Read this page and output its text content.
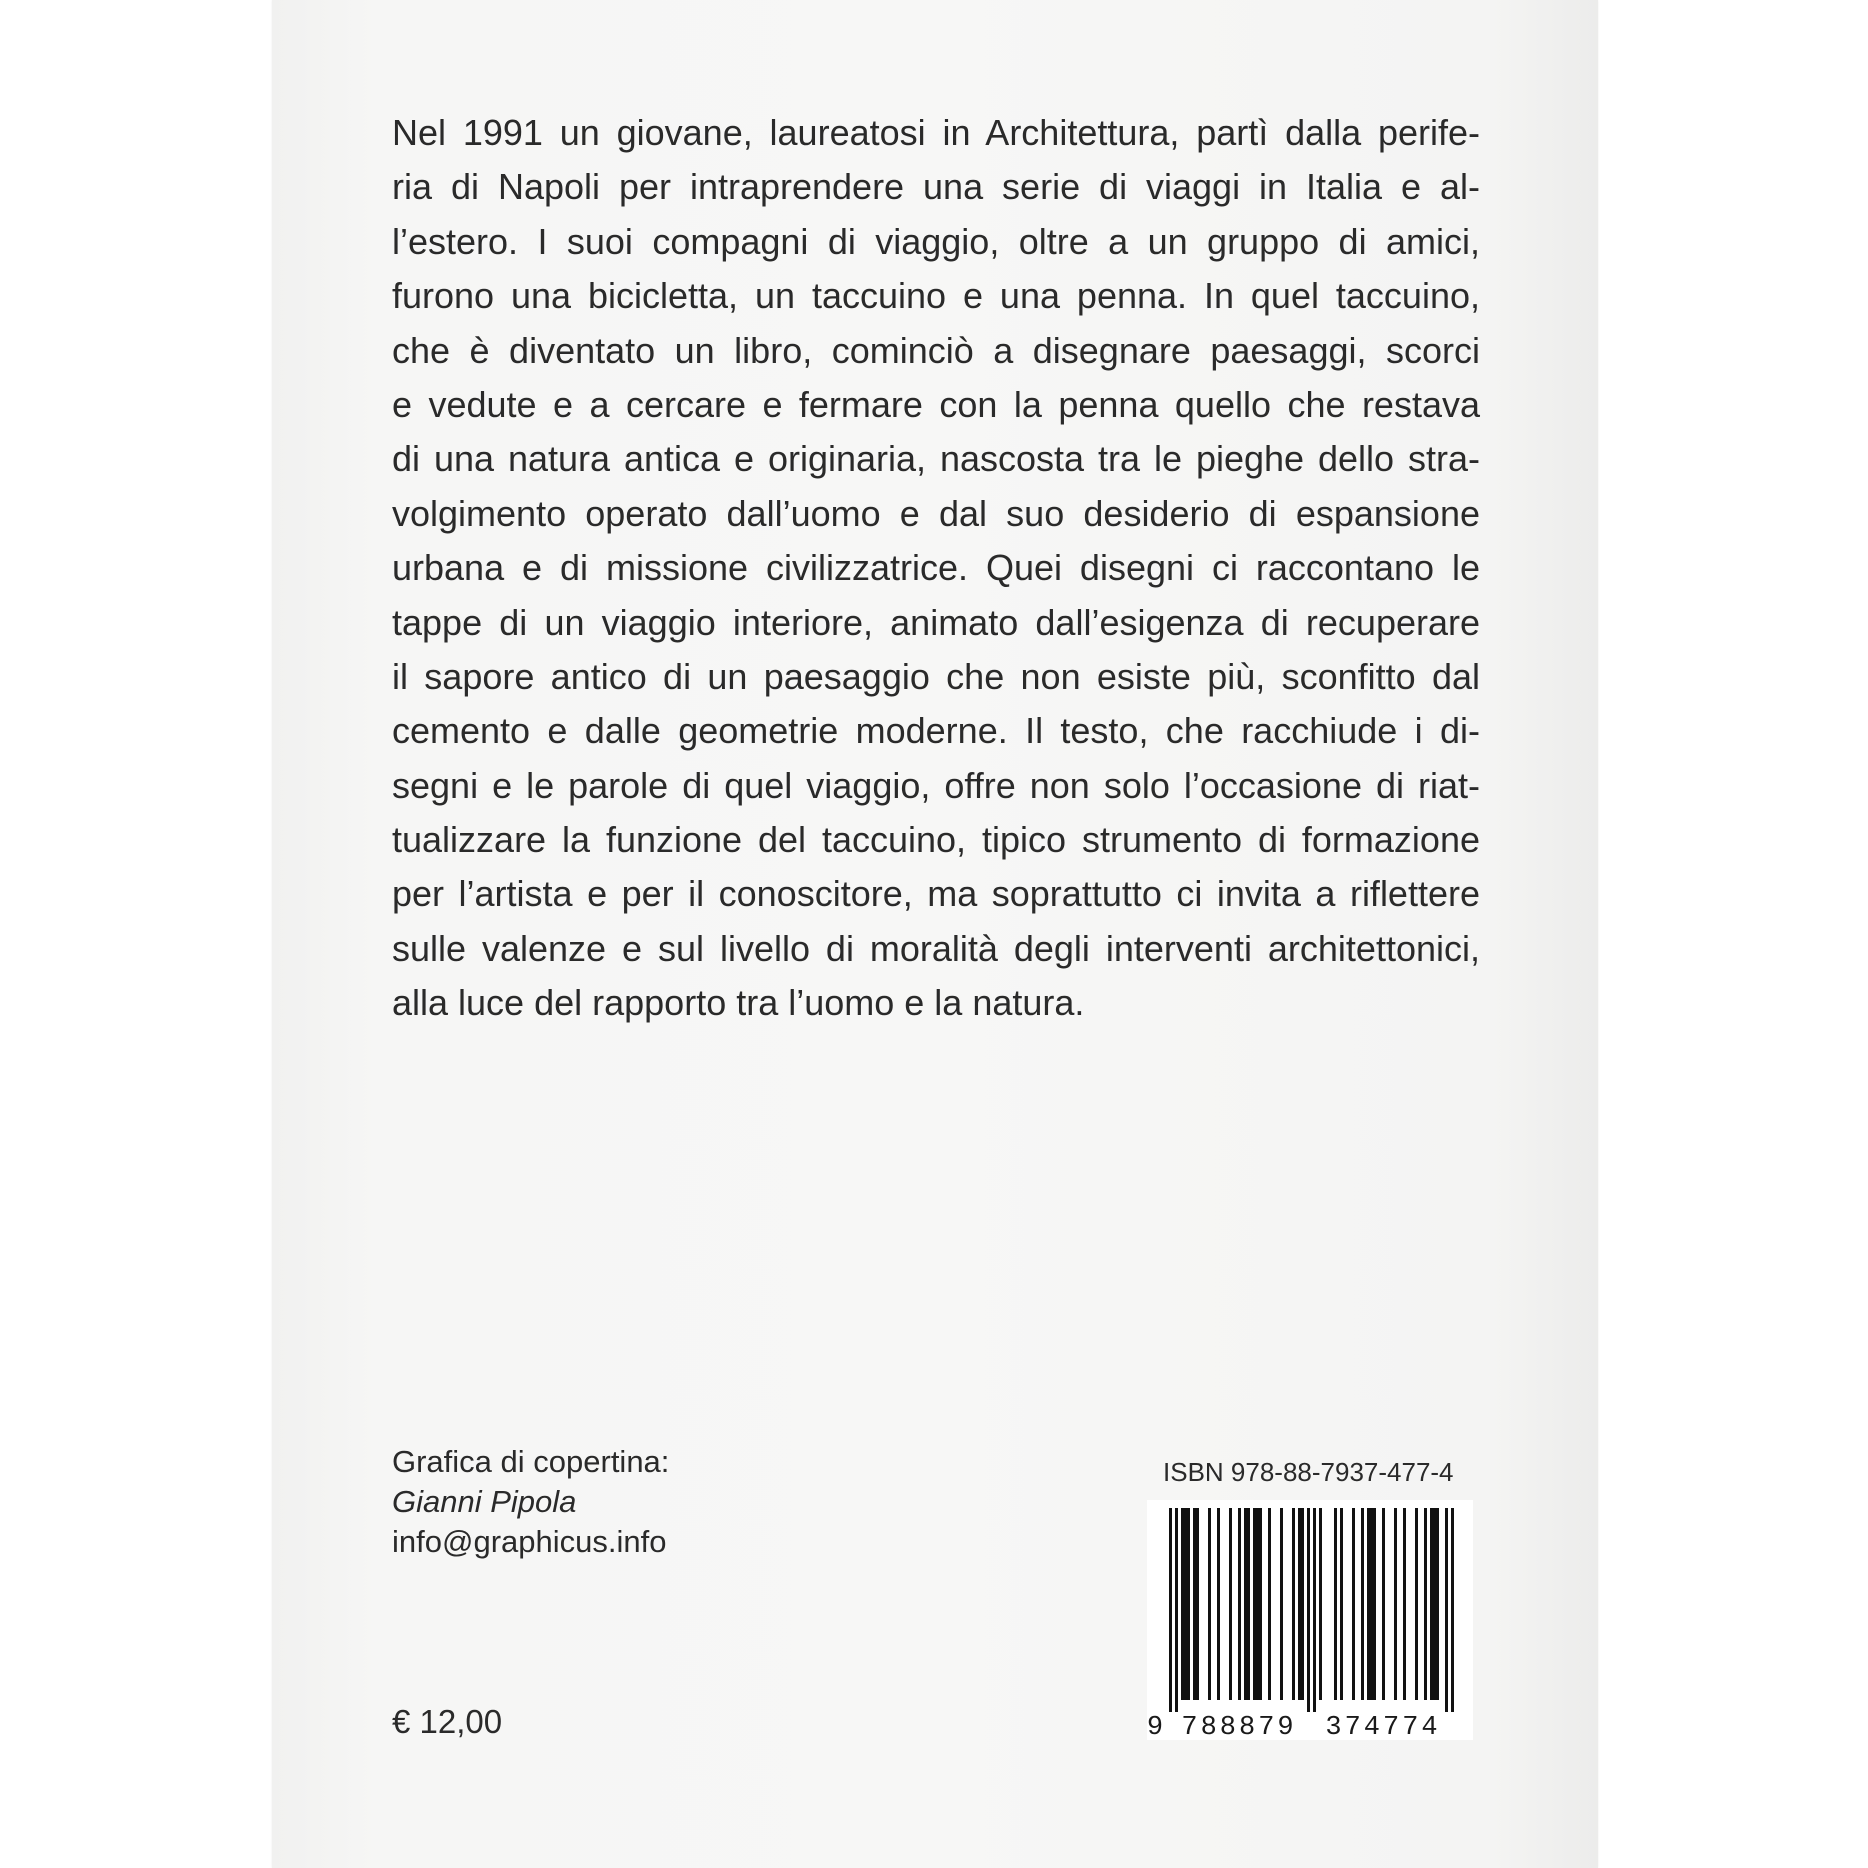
Nel 1991 un giovane, laureatosi in Architettura, partì dalla perife-
ria di Napoli per intraprendere una serie di viaggi in Italia e al-
l’estero. I suoi compagni di viaggio, oltre a un gruppo di amici,
furono una bicicletta, un taccuino e una penna. In quel taccuino,
che è diventato un libro, cominciò a disegnare paesaggi, scorci
e vedute e a cercare e fermare con la penna quello che restava
di una natura antica e originaria, nascosta tra le pieghe dello stra-
volgimento operato dall’uomo e dal suo desiderio di espansione
urbana e di missione civilizzatrice. Quei disegni ci raccontano le
tappe di un viaggio interiore, animato dall’esigenza di recuperare
il sapore antico di un paesaggio che non esiste più, sconfitto dal
cemento e dalle geometrie moderne. Il testo, che racchiude i di-
segni e le parole di quel viaggio, offre non solo l’occasione di riat-
tualizzare la funzione del taccuino, tipico strumento di formazione
per l’artista e per il conoscitore, ma soprattutto ci invita a riflettere
sulle valenze e sul livello di moralità degli interventi architettonici,
alla luce del rapporto tra l’uomo e la natura.
Grafica di copertina:
Gianni Pipola
info@graphicus.info
€ 12,00
ISBN 978-88-7937-477-4
9 788879 374774
